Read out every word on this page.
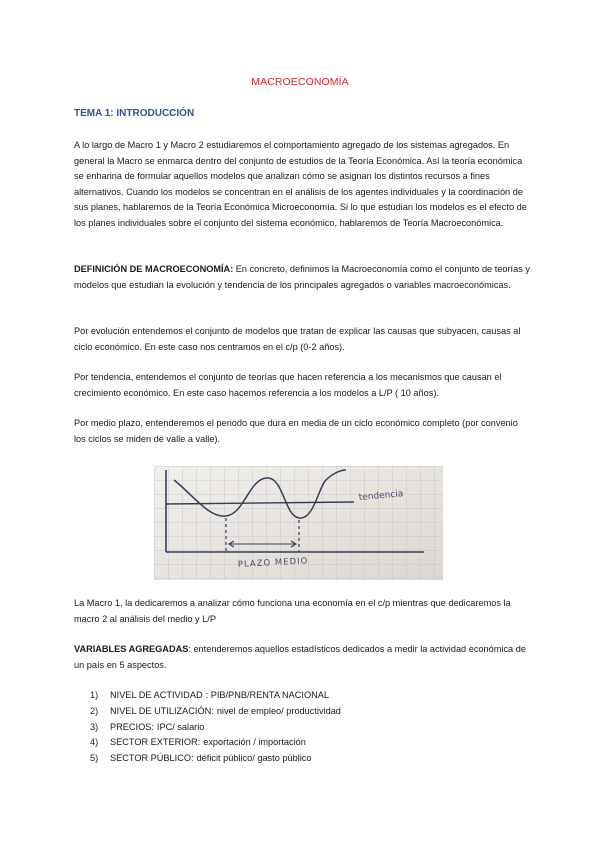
MACROECONOMÍA
TEMA 1: INTRODUCCIÓN

A lo largo de Macro 1 y Macro 2 estudiaremos el comportamiento agregado de los sistemas agregados. En general la Macro se enmarca dentro del conjunto de estudios de la Teoría Económica. Así la teoría económica se enharina de formular aquellos modelos que analizan cómo se asignan los distintos recursos a fines alternativos. Cuando los modelos se concentran en el análisis de los agentes individuales y la coordinación de sus planes, hablaremos de la Teoría Económica Microeconomía. Si lo que estudian los modelos es el efecto de los planes individuales sobre el conjunto del sistema económico, hablaremos de Teoría Macroeconómica.

DEFINICIÓN DE MACROECONOMÍA: En concreto, definimos la Macroeconomía como el conjunto de teorías y modelos que estudian la evolución y tendencia de los principales agregados o variables macroeconómicas.

Por evolución entendemos el conjunto de modelos que tratan de explicar las causas que subyacen, causas al ciclo económico. En este caso nos centramos en el c/p (0-2 años).

Por tendencia, entendemos el conjunto de teorías que hacen referencia a los mecanismos que causan el crecimiento económico. En este caso hacemos referencia a los modelos a L/P ( 10 años).

Por medio plazo, entenderemos el periodo que dura en media de un ciclo económico completo (por convenio los ciclos se miden de valle a valle).

tendencia
PLAZO MEDIO

La Macro 1, la dedicaremos a analizar cómo funciona una economía en el c/p mientras que dedicaremos la macro 2 al análisis del medio y L/P

VARIABLES AGREGADAS: entenderemos aquellos estadísticos dedicados a medir la actividad económica de un país en 5 aspectos.

1)	NIVEL DE ACTIVIDAD : PIB/PNB/RENTA NACIONAL
2)	NIVEL DE UTILIZACIÓN: nivel de empleo/ productividad
3)	PRECIOS: IPC/ salario
4)	SECTOR EXTERIOR: exportación / importación
5)	SECTOR PÚBLICO: déficit público/ gasto público
